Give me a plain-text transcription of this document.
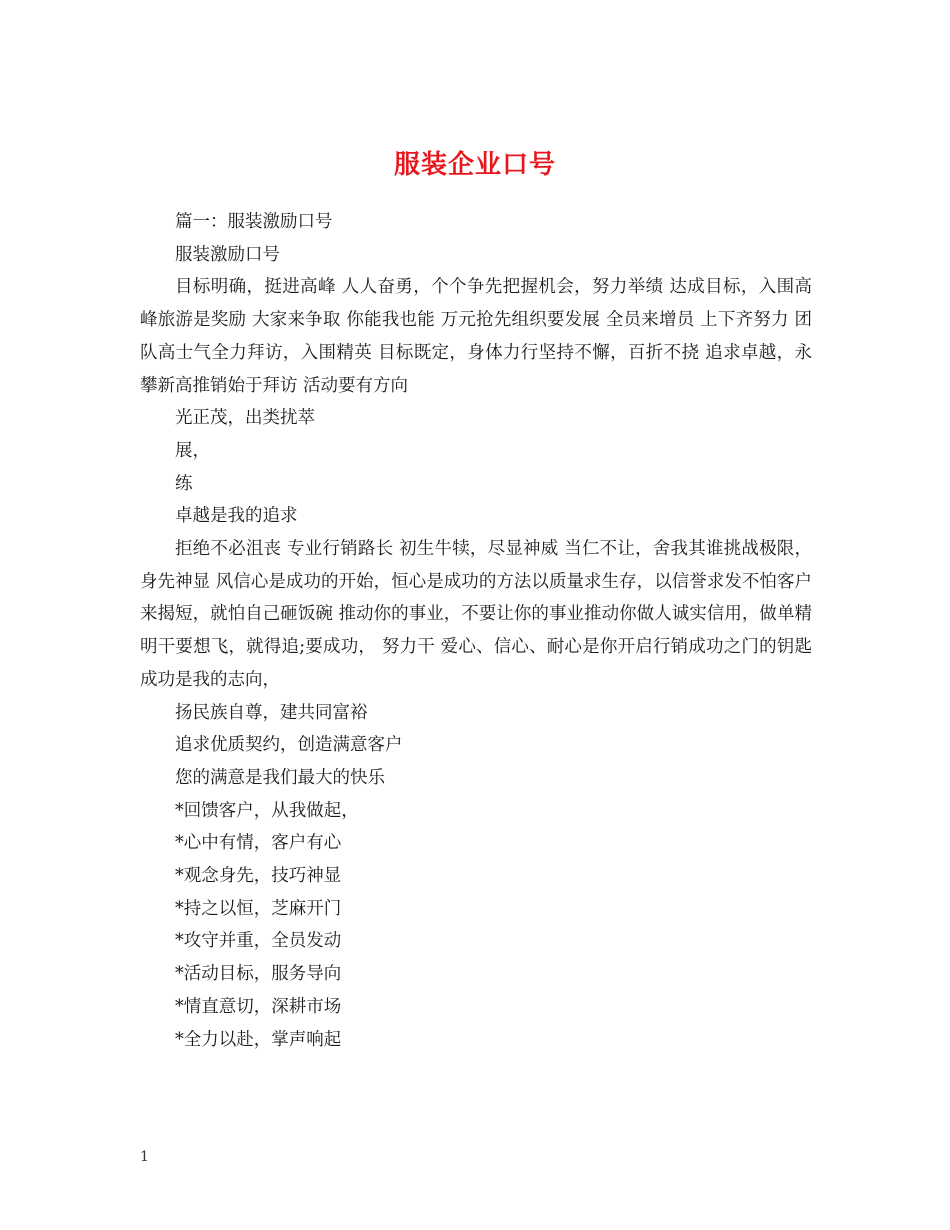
服装企业口号

篇一：服装激励口号

服装激励口号

目标明确，挺进高峰 人人奋勇，个个争先把握机会，努力举绩 达成目标，入围高峰旅游是奖励 大家来争取 你能我也能 万元抢先组织要发展 全员来增员 上下齐努力 团队高士气全力拜访，入围精英 目标既定，身体力行坚持不懈，百折不挠 追求卓越，永攀新高推销始于拜访 活动要有方向

光正茂，出类扰萃

展，

练

卓越是我的追求

拒绝不必沮丧 专业行销路长 初生牛犊，尽显神威 当仁不让，舍我其谁挑战极限，身先神显 风信心是成功的开始，恒心是成功的方法以质量求生存，以信誉求发不怕客户来揭短，就怕自己砸饭碗 推动你的事业，不要让你的事业推动你做人诚实信用，做单精明干要想飞，就得追;要成功， 努力干 爱心、信心、耐心是你开启行销成功之门的钥匙成功是我的志向，

扬民族自尊，建共同富裕

追求优质契约，创造满意客户

您的满意是我们最大的快乐

*回馈客户，从我做起，

*心中有情，客户有心

*观念身先，技巧神显

*持之以恒，芝麻开门

*攻守并重，全员发动

*活动目标，服务导向

*情直意切，深耕市场

*全力以赴，掌声响起

1
